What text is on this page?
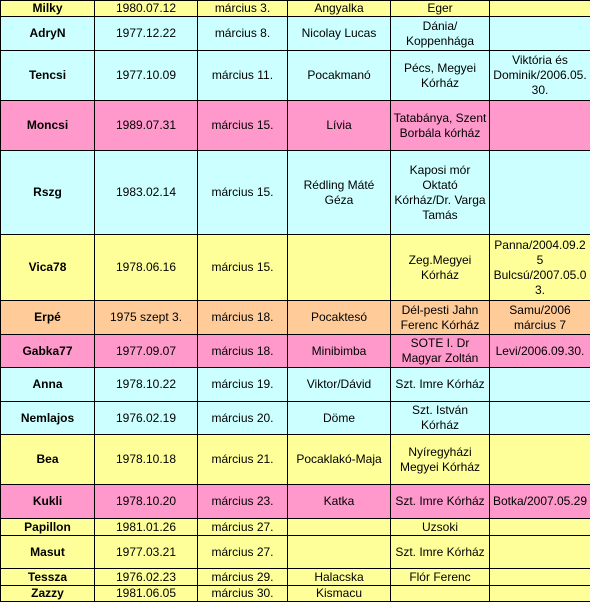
Milky	1980.07.12	március 3.	Angyalka	Eger	
AdryN	1977.12.22	március 8.	Nicolay Lucas	Dánia/ Koppenhága	
Tencsi	1977.10.09	március 11.	Pocakmanó	Pécs, Megyei Kórház	Viktória és Dominik/2006.05. 30.
Moncsi	1989.07.31	március 15.	Lívia	Tatabánya, Szent Borbála kórház	
Rszg	1983.02.14	március 15.	Rédling Máté Géza	Kaposi mór Oktató Kórház/Dr. Varga Tamás	
Vica78	1978.06.16	március 15.		Zeg.Megyei Kórház	Panna/2004.09.25 Bulcsú/2007.05.0 3.
Erpé	1975 szept 3.	március 18.	Pocaktesó	Dél-pesti Jahn Ferenc Kórház	Samu/2006 március 7
Gabka77	1977.09.07	március 18.	Minibimba	SOTE I. Dr Magyar Zoltán	Levi/2006.09.30.
Anna	1978.10.22	március 19.	Viktor/Dávid	Szt. Imre Kórház	
Nemlajos	1976.02.19	március 20.	Döme	Szt. István Kórház	
Bea	1978.10.18	március 21.	Pocaklakó-Maja	Nyíregyházi Megyei Kórház	
Kukli	1978.10.20	március 23.	Katka	Szt. Imre Kórház	Botka/2007.05.29
Papillon	1981.01.26	március 27.		Uzsoki	
Masut	1977.03.21	március 27.		Szt. Imre Kórház	
Tessza	1976.02.23	március 29.	Halacska	Flór Ferenc	
Zazzy	1981.06.05	március 30.	Kismacu		
